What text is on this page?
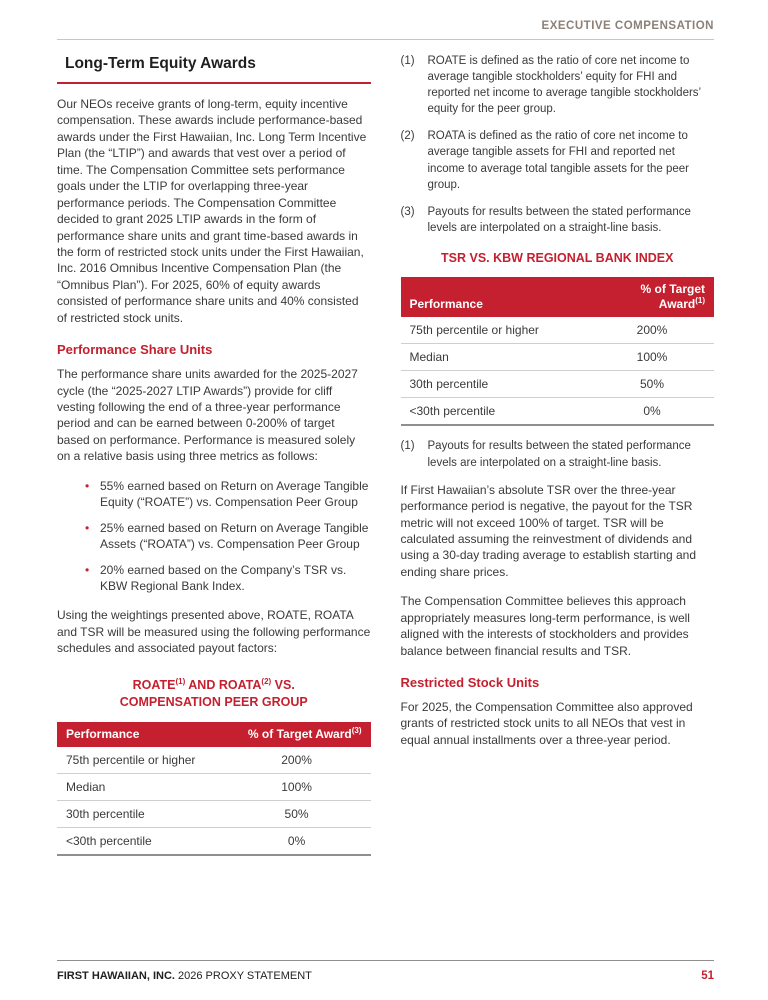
EXECUTIVE COMPENSATION
Long-Term Equity Awards

Our NEOs receive grants of long-term, equity incentive compensation. These awards include performance-based awards under the First Hawaiian, Inc. Long Term Incentive Plan (the “LTIP”) and awards that vest over a period of time. The Compensation Committee sets performance goals under the LTIP for overlapping three-year performance periods. The Compensation Committee decided to grant 2025 LTIP awards in the form of performance share units and grant time-based awards in the form of restricted stock units under the First Hawaiian, Inc. 2016 Omnibus Incentive Compensation Plan (the “Omnibus Plan”). For 2025, 60% of equity awards consisted of performance share units and 40% consisted of restricted stock units.

Performance Share Units

The performance share units awarded for the 2025-2027 cycle (the “2025-2027 LTIP Awards”) provide for cliff vesting following the end of a three-year performance period and can be earned between 0-200% of target based on performance. Performance is measured solely on a relative basis using three metrics as follows:

• 55% earned based on Return on Average Tangible Equity (“ROATE”) vs. Compensation Peer Group
• 25% earned based on Return on Average Tangible Assets (“ROATA”) vs. Compensation Peer Group
• 20% earned based on the Company’s TSR vs. KBW Regional Bank Index.

Using the weightings presented above, ROATE, ROATA and TSR will be measured using the following performance schedules and associated payout factors:

ROATE$^{(1)}$ AND ROATA$^{(2)}$ VS.
COMPENSATION PEER GROUP
Performance	% of Target Award$^{(3)}$
75th percentile or higher	200%
Median	100%
30th percentile	50%
<30th percentile	0%
(1)	ROATE is defined as the ratio of core net income to average tangible stockholders’ equity for FHI and reported net income to average tangible stockholders’ equity for the peer group.
(2)	ROATA is defined as the ratio of core net income to average tangible assets for FHI and reported net income to average total tangible assets for the peer group.
(3)	Payouts for results between the stated performance levels are interpolated on a straight-line basis.
TSR VS. KBW REGIONAL BANK INDEX
Performance	% of Target Award$^{(1)}$
75th percentile or higher	200%
Median	100%
30th percentile	50%
<30th percentile	0%
(1)	Payouts for results between the stated performance levels are interpolated on a straight-line basis.

If First Hawaiian’s absolute TSR over the three-year performance period is negative, the payout for the TSR metric will not exceed 100% of target. TSR will be calculated assuming the reinvestment of dividends and using a 30-day trading average to establish starting and ending share prices.

The Compensation Committee believes this approach appropriately measures long-term performance, is well aligned with the interests of stockholders and provides balance between financial results and TSR.

Restricted Stock Units

For 2025, the Compensation Committee also approved grants of restricted stock units to all NEOs that vest in equal annual installments over a three-year period.

FIRST HAWAIIAN, INC. 2026 PROXY STATEMENT	51
